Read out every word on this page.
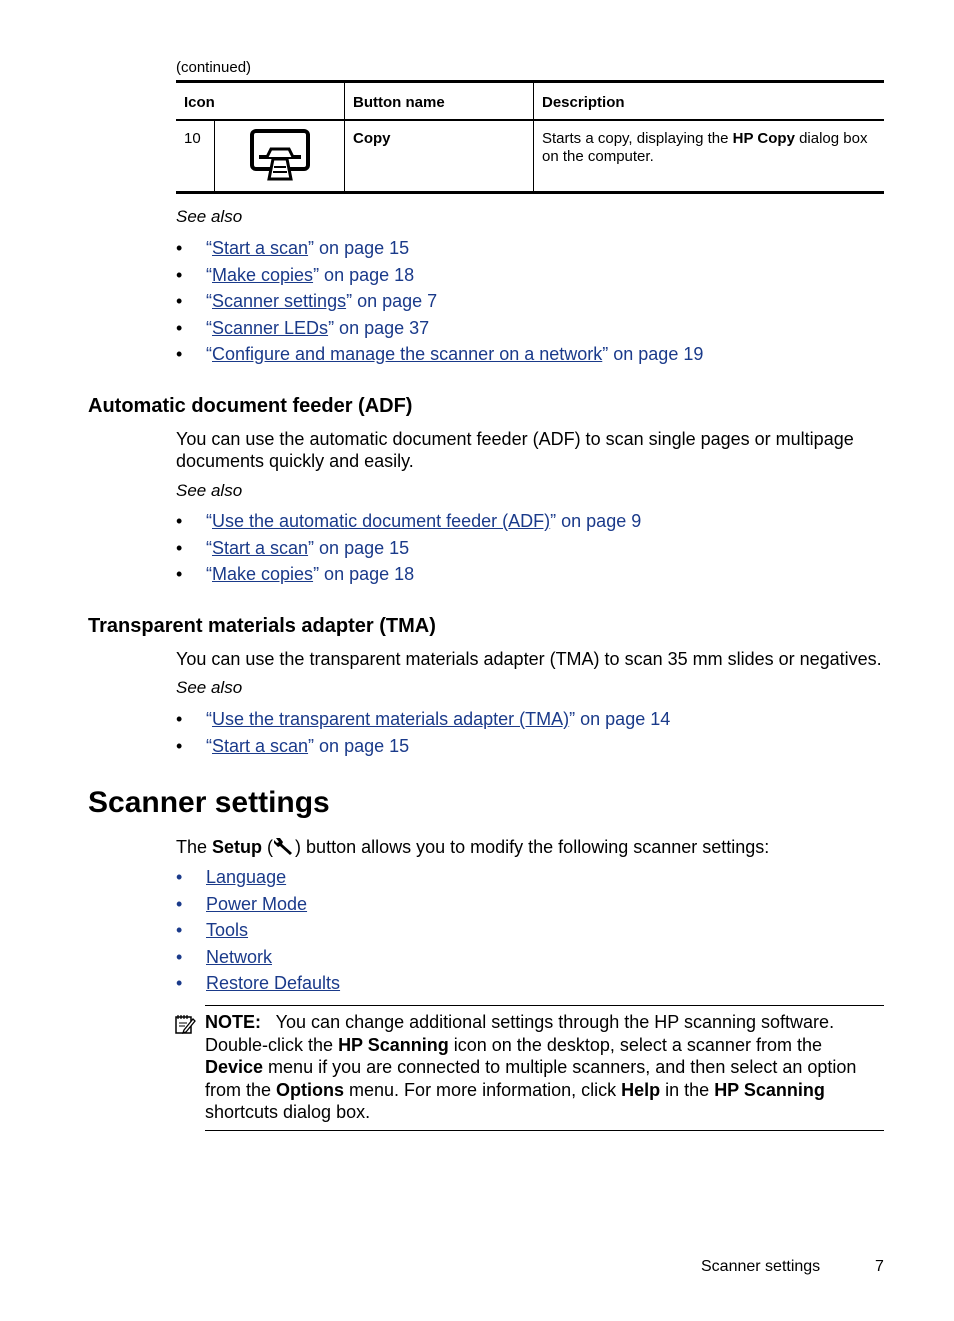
(continued)
Icon		Button name	Description
10		Copy	Starts a copy, displaying the HP Copy dialog box on the computer.
See also
• “Start a scan” on page 15
• “Make copies” on page 18
• “Scanner settings” on page 7
• “Scanner LEDs” on page 37
• “Configure and manage the scanner on a network” on page 19
Automatic document feeder (ADF)

You can use the automatic document feeder (ADF) to scan single pages or multipage documents quickly and easily.

See also
• “Use the automatic document feeder (ADF)” on page 9
• “Start a scan” on page 15
• “Make copies” on page 18
Transparent materials adapter (TMA)

You can use the transparent materials adapter (TMA) to scan 35 mm slides or negatives.

See also
• “Use the transparent materials adapter (TMA)” on page 14
• “Start a scan” on page 15
Scanner settings

The Setup ( ) button allows you to modify the following scanner settings:

• Language
• Power Mode
• Tools
• Network
• Restore Defaults
NOTE:   You can change additional settings through the HP scanning software. Double-click the HP Scanning icon on the desktop, select a scanner from the Device menu if you are connected to multiple scanners, and then select an option from the Options menu. For more information, click Help in the HP Scanning shortcuts dialog box.
Scanner settings	7
